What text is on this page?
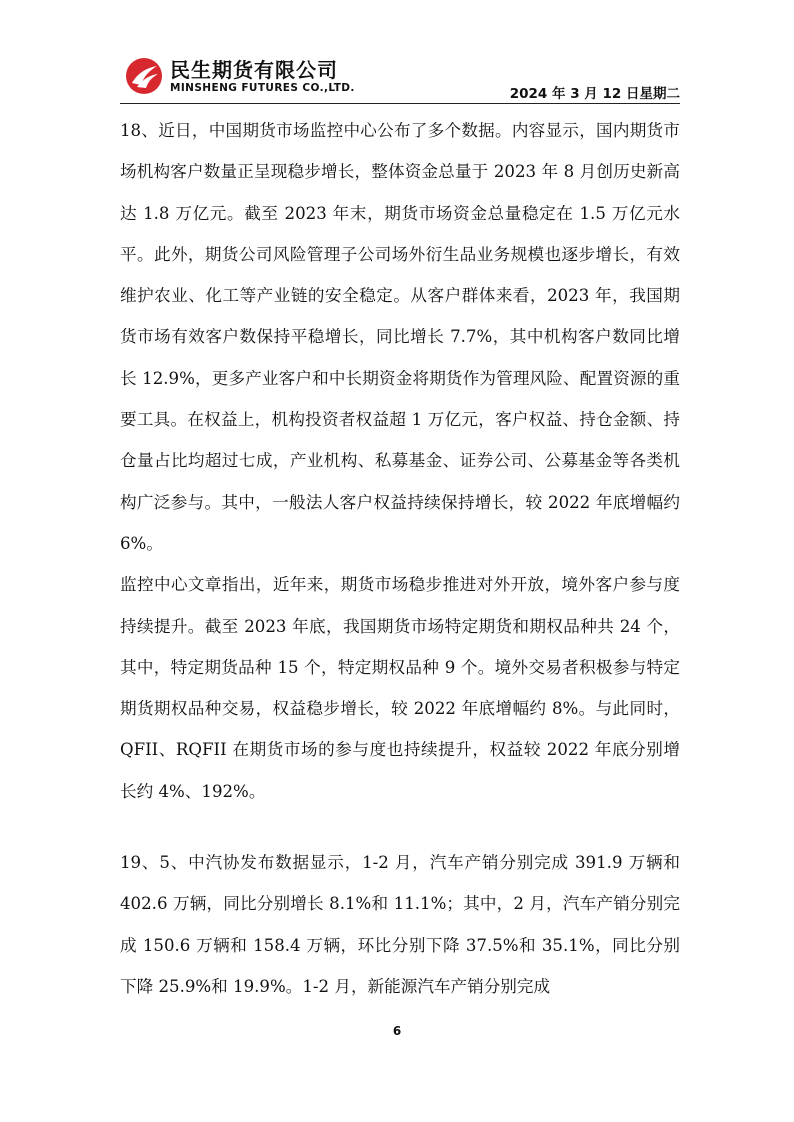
民生期货有限公司
MINSHENG FUTURES CO.,LTD.	2024 年 3 月 12 日星期二

18、近日，中国期货市场监控中心公布了多个数据。内容显示，国内期货市场机构客户数量正呈现稳步增长，整体资金总量于 2023 年 8 月创历史新高达 1.8 万亿元。截至 2023 年末，期货市场资金总量稳定在 1.5 万亿元水平。此外，期货公司风险管理子公司场外衍生品业务规模也逐步增长，有效维护农业、化工等产业链的安全稳定。从客户群体来看，2023 年，我国期货市场有效客户数保持平稳增长，同比增长 7.7%，其中机构客户数同比增长 12.9%，更多产业客户和中长期资金将期货作为管理风险、配置资源的重要工具。在权益上，机构投资者权益超 1 万亿元，客户权益、持仓金额、持仓量占比均超过七成，产业机构、私募基金、证券公司、公募基金等各类机构广泛参与。其中，一般法人客户权益持续保持增长，较 2022 年底增幅约 6%。

监控中心文章指出，近年来，期货市场稳步推进对外开放，境外客户参与度持续提升。截至 2023 年底，我国期货市场特定期货和期权品种共 24 个，其中，特定期货品种 15 个，特定期权品种 9 个。境外交易者积极参与特定期货期权品种交易，权益稳步增长，较 2022 年底增幅约 8%。与此同时，QFII、RQFII 在期货市场的参与度也持续提升，权益较 2022 年底分别增长约 4%、192%。

19、5、中汽协发布数据显示，1-2 月，汽车产销分别完成 391.9 万辆和 402.6 万辆，同比分别增长 8.1%和 11.1%；其中，2 月，汽车产销分别完成 150.6 万辆和 158.4 万辆，环比分别下降 37.5%和 35.1%，同比分别下降 25.9%和 19.9%。1-2 月，新能源汽车产销分别完成

6
